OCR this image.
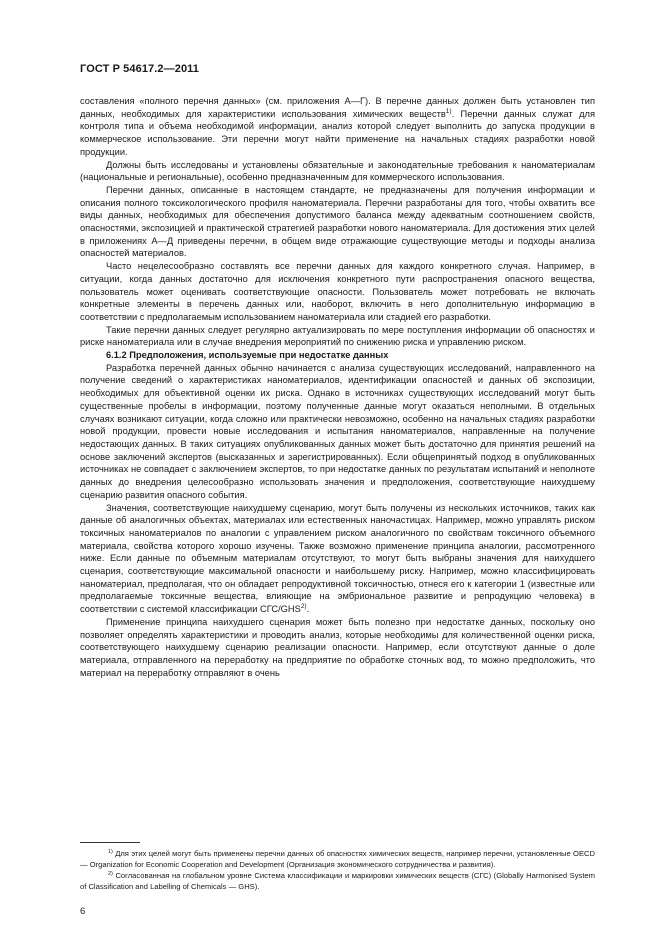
ГОСТ Р 54617.2—2011

составления «полного перечня данных» (см. приложения А—Г). В перечне данных должен быть установлен тип данных, необходимых для характеристики использования химических веществ$^{1)}$. Перечни данных служат для контроля типа и объема необходимой информации, анализ которой следует выполнить до запуска продукции в коммерческое использование. Эти перечни могут найти применение на начальных стадиях разработки новой продукции.

Должны быть исследованы и установлены обязательные и законодательные требования к наноматериалам (национальные и региональные), особенно предназначенным для коммерческого использования.

Перечни данных, описанные в настоящем стандарте, не предназначены для получения информации и описания полного токсикологического профиля наноматериала. Перечни разработаны для того, чтобы охватить все виды данных, необходимых для обеспечения допустимого баланса между адекватным соотношением свойств, опасностями, экспозицией и практической стратегией разработки нового наноматериала. Для достижения этих целей в приложениях А—Д приведены перечни, в общем виде отражающие существующие методы и подходы анализа опасностей материалов.

Часто нецелесообразно составлять все перечни данных для каждого конкретного случая. Например, в ситуации, когда данных достаточно для исключения конкретного пути распространения опасного вещества, пользователь может оценивать соответствующие опасности. Пользователь может потребовать не включать конкретные элементы в перечень данных или, наоборот, включить в него дополнительную информацию в соответствии с предполагаемым использованием наноматериала или стадией его разработки.

Такие перечни данных следует регулярно актуализировать по мере поступления информации об опасностях и риске наноматериала или в случае внедрения мероприятий по снижению риска и управлению риском.

6.1.2 Предположения, используемые при недостатке данных

Разработка перечней данных обычно начинается с анализа существующих исследований, направленного на получение сведений о характеристиках наноматериалов, идентификации опасностей и данных об экспозиции, необходимых для объективной оценки их риска. Однако в источниках существующих исследований могут быть существенные пробелы в информации, поэтому полученные данные могут оказаться неполными. В отдельных случаях возникают ситуации, когда сложно или практически невозможно, особенно на начальных стадиях разработки новой продукции, провести новые исследования и испытания наноматериалов, направленные на получение недостающих данных. В таких ситуациях опубликованных данных может быть достаточно для принятия решений на основе заключений экспертов (высказанных и зарегистрированных). Если общепринятый подход в опубликованных источниках не совпадает с заключением экспертов, то при недостатке данных по результатам испытаний и неполноте данных до внедрения целесообразно использовать значения и предположения, соответствующие наихудшему сценарию развития опасного события.

Значения, соответствующие наихудшему сценарию, могут быть получены из нескольких источников, таких как данные об аналогичных объектах, материалах или естественных наночастицах. Например, можно управлять риском токсичных наноматериалов по аналогии с управлением риском аналогичного по свойствам токсичного объемного материала, свойства которого хорошо изучены. Также возможно применение принципа аналогии, рассмотренного ниже. Если данные по объемным материалам отсутствуют, то могут быть выбраны значения для наихудшего сценария, соответствующие максимальной опасности и наибольшему риску. Например, можно классифицировать наноматериал, предполагая, что он обладает репродуктивной токсичностью, отнеся его к категории 1 (известные или предполагаемые токсичные вещества, влияющие на эмбриональное развитие и репродукцию человека) в соответствии с системой классификации СГС/GHS$^{2)}$.

Применение принципа наихудшего сценария может быть полезно при недостатке данных, поскольку оно позволяет определять характеристики и проводить анализ, которые необходимы для количественной оценки риска, соответствующего наихудшему сценарию реализации опасности. Например, если отсутствуют данные о доле материала, отправленного на переработку на предприятие по обработке сточных вод, то можно предположить, что материал на переработку отправляют в очень

$^{1)}$ Для этих целей могут быть применены перечни данных об опасностях химических веществ, например перечни, установленные OECD — Organization for Economic Cooperation and Development (Организация экономического сотрудничества и развития).

$^{2)}$ Согласованная на глобальном уровне Система классификации и маркировки химических веществ (СГС) (Globally Harmonised System of Classification and Labelling of Chemicals — GHS).

6
